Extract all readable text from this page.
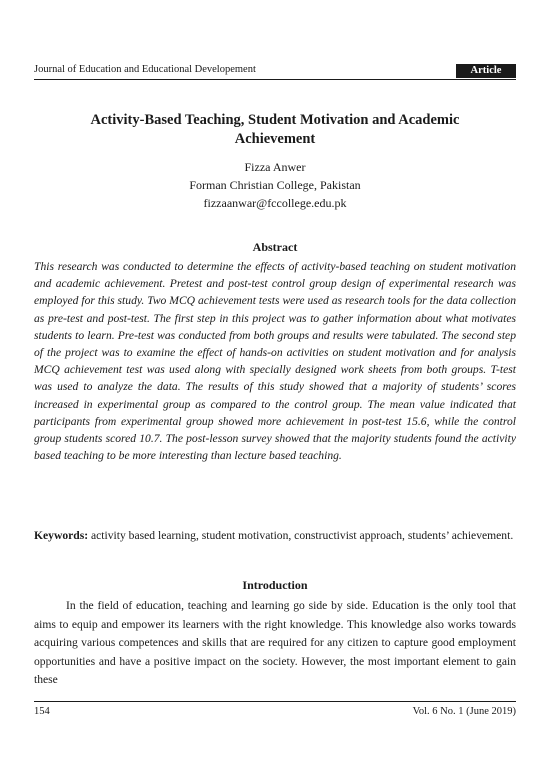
Journal of Education and Educational Developement	Article
Activity-Based Teaching, Student Motivation and Academic Achievement
Fizza Anwer
Forman Christian College, Pakistan
fizzaanwar@fccollege.edu.pk
Abstract
This research was conducted to determine the effects of activity-based teaching on student motivation and academic achievement. Pretest and post-test control group design of experimental research was employed for this study. Two MCQ achievement tests were used as research tools for the data collection as pre-test and post-test. The first step in this project was to gather information about what motivates students to learn. Pre-test was conducted from both groups and results were tabulated. The second step of the project was to examine the effect of hands-on activities on student motivation and for analysis MCQ achievement test was used along with specially designed work sheets from both groups. T-test was used to analyze the data. The results of this study showed that a majority of students’ scores increased in experimental group as compared to the control group. The mean value indicated that participants from experimental group showed more achievement in post-test 15.6, while the control group students scored 10.7. The post-lesson survey showed that the majority students found the activity based teaching to be more interesting than lecture based teaching.
Keywords: activity based learning, student motivation, constructivist approach, students’ achievement.
Introduction
In the field of education, teaching and learning go side by side. Education is the only tool that aims to equip and empower its learners with the right knowledge. This knowledge also works towards acquiring various competences and skills that are required for any citizen to capture good employment opportunities and have a positive impact on the society. However, the most important element to gain these
154	Vol. 6 No. 1 (June 2019)
